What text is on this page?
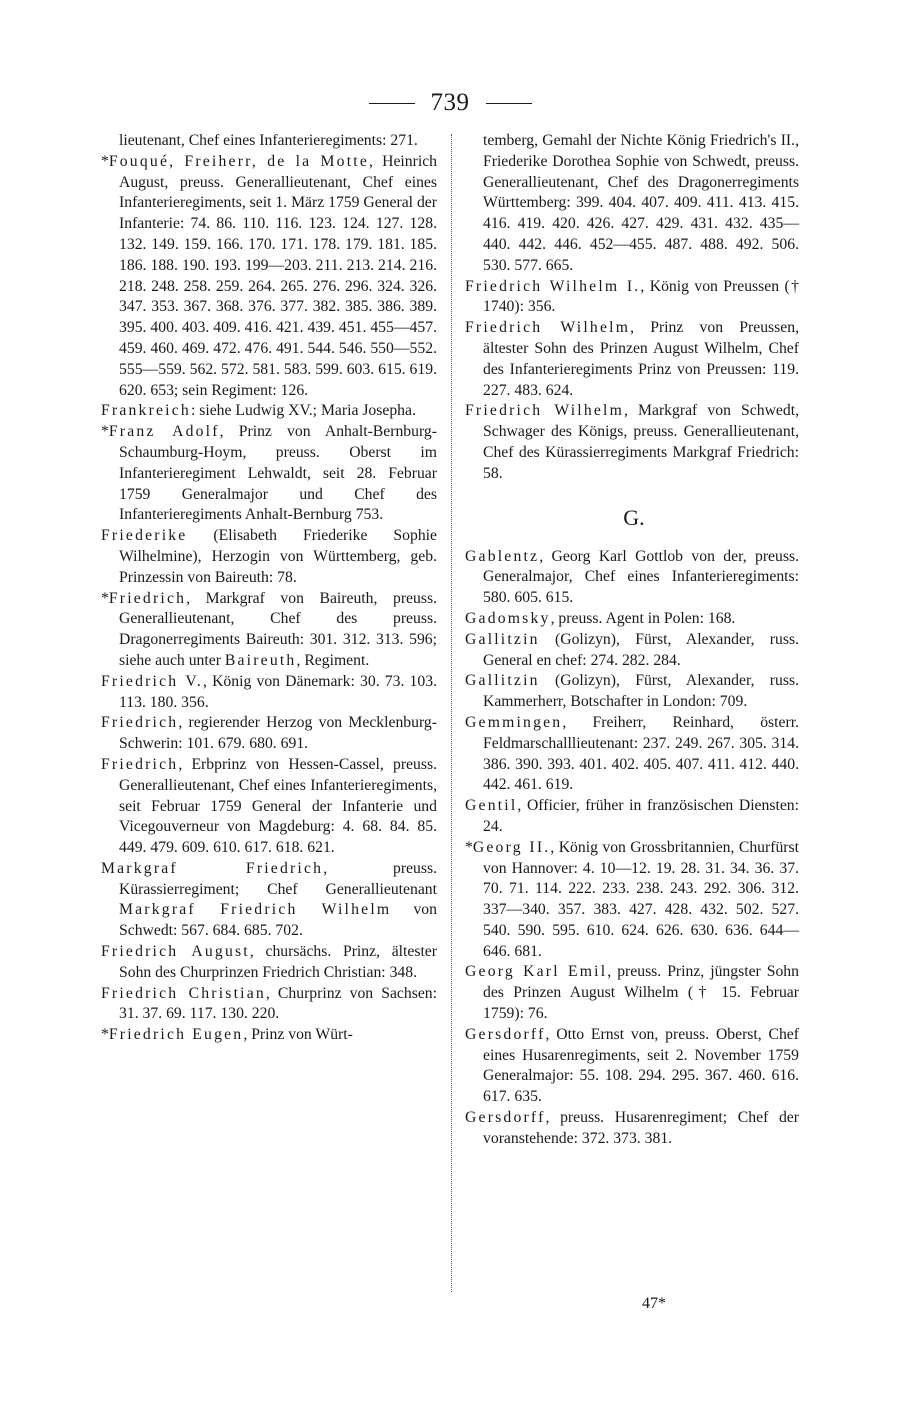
739

lieutenant, Chef eines Infanterieregiments: 271.

*Fouqué, Freiherr, de la Motte, Heinrich August, preuss. Generallieutenant, Chef eines Infanterieregiments, seit 1. März 1759 General der Infanterie: 74. 86. 110. 116. 123. 124. 127. 128. 132. 149. 159. 166. 170. 171. 178. 179. 181. 185. 186. 188. 190. 193. 199—203. 211. 213. 214. 216. 218. 248. 258. 259. 264. 265. 276. 296. 324. 326. 347. 353. 367. 368. 376. 377. 382. 385. 386. 389. 395. 400. 403. 409. 416. 421. 439. 451. 455—457. 459. 460. 469. 472. 476. 491. 544. 546. 550—552. 555—559. 562. 572. 581. 583. 599. 603. 615. 619. 620. 653; sein Regiment: 126.

Frankreich: siehe Ludwig XV.; Maria Josepha.

*Franz Adolf, Prinz von Anhalt-Bernburg-Schaumburg-Hoym, preuss. Oberst im Infanterieregiment Lehwaldt, seit 28. Februar 1759 Generalmajor und Chef des Infanterieregiments Anhalt-Bernburg 753.

Friederike (Elisabeth Friederike Sophie Wilhelmine), Herzogin von Württemberg, geb. Prinzessin von Baireuth: 78.

*Friedrich, Markgraf von Baireuth, preuss. Generallieutenant, Chef des preuss. Dragonerregiments Baireuth: 301. 312. 313. 596; siehe auch unter Baireuth, Regiment.

Friedrich V., König von Dänemark: 30. 73. 103. 113. 180. 356.

Friedrich, regierender Herzog von Mecklenburg-Schwerin: 101. 679. 680. 691.

Friedrich, Erbprinz von Hessen-Cassel, preuss. Generallieutenant, Chef eines Infanterieregiments, seit Februar 1759 General der Infanterie und Vicegouverneur von Magdeburg: 4. 68. 84. 85. 449. 479. 609. 610. 617. 618. 621.

Markgraf Friedrich, preuss. Kürassierregiment; Chef Generallieutenant Markgraf Friedrich Wilhelm von Schwedt: 567. 684. 685. 702.

Friedrich August, chursächs. Prinz, ältester Sohn des Churprinzen Friedrich Christian: 348.

Friedrich Christian, Churprinz von Sachsen: 31. 37. 69. 117. 130. 220.

*Friedrich Eugen, Prinz von Würt-

temberg, Gemahl der Nichte König Friedrich's II., Friederike Dorothea Sophie von Schwedt, preuss. Generallieutenant, Chef des Dragonerregiments Württemberg: 399. 404. 407. 409. 411. 413. 415. 416. 419. 420. 426. 427. 429. 431. 432. 435—440. 442. 446. 452—455. 487. 488. 492. 506. 530. 577. 665.

Friedrich Wilhelm I., König von Preussen († 1740): 356.

Friedrich Wilhelm, Prinz von Preussen, ältester Sohn des Prinzen August Wilhelm, Chef des Infanterieregiments Prinz von Preussen: 119. 227. 483. 624.

Friedrich Wilhelm, Markgraf von Schwedt, Schwager des Königs, preuss. Generallieutenant, Chef des Kürassierregiments Markgraf Friedrich: 58.

G.

Gablentz, Georg Karl Gottlob von der, preuss. Generalmajor, Chef eines Infanterieregiments: 580. 605. 615.

Gadomsky, preuss. Agent in Polen: 168.

Gallitzin (Golizyn), Fürst, Alexander, russ. General en chef: 274. 282. 284.

Gallitzin (Golizyn), Fürst, Alexander, russ. Kammerherr, Botschafter in London: 709.

Gemmingen, Freiherr, Reinhard, österr. Feldmarschalllieutenant: 237. 249. 267. 305. 314. 386. 390. 393. 401. 402. 405. 407. 411. 412. 440. 442. 461. 619.

Gentil, Officier, früher in französischen Diensten: 24.

*Georg II., König von Grossbritannien, Churfürst von Hannover: 4. 10—12. 19. 28. 31. 34. 36. 37. 70. 71. 114. 222. 233. 238. 243. 292. 306. 312. 337—340. 357. 383. 427. 428. 432. 502. 527. 540. 590. 595. 610. 624. 626. 630. 636. 644—646. 681.

Georg Karl Emil, preuss. Prinz, jüngster Sohn des Prinzen August Wilhelm († 15. Februar 1759): 76.

Gersdorff, Otto Ernst von, preuss. Oberst, Chef eines Husarenregiments, seit 2. November 1759 Generalmajor: 55. 108. 294. 295. 367. 460. 616. 617. 635.

Gersdorff, preuss. Husarenregiment; Chef der voranstehende: 372. 373. 381.

47*
